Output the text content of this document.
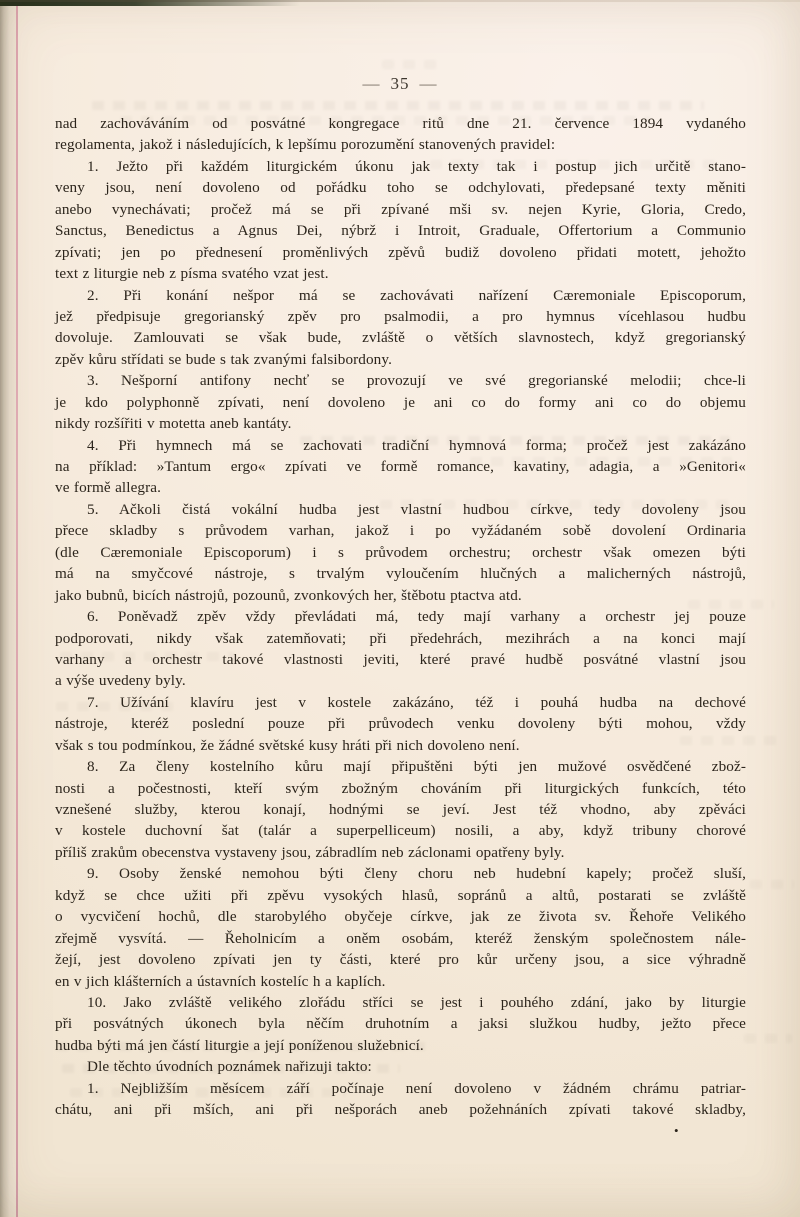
— 35 —
nad zachováváním od posvátné kongregace ritů dne 21. července 1894 vydaného
regolamenta, jakož i následujících, k lepšímu porozumění stanovených pravidel:
1. Ježto při každém liturgickém úkonu jak texty tak i postup jich určitě stano-
veny jsou, není dovoleno od pořádku toho se odchylovati, předepsané texty měniti
anebo vynechávati; pročež má se při zpívané mši sv. nejen Kyrie, Gloria, Credo,
Sanctus, Benedictus a Agnus Dei, nýbrž i Introit, Graduale, Offertorium a Communio
zpívati; jen po přednesení proměnlivých zpěvů budiž dovoleno přidati motett, jehožto
text z liturgie neb z písma svatého vzat jest.
2. Při konání nešpor má se zachovávati nařízení Cæremoniale Episcoporum,
jež předpisuje gregorianský zpěv pro psalmodii, a pro hymnus vícehlasou hudbu
dovoluje. Zamlouvati se však bude, zvláště o větších slavnostech, když gregorianský
zpěv kůru střídati se bude s tak zvanými falsibordony.
3. Nešporní antifony nechť se provozují ve své gregorianské melodii; chce-li
je kdo polyphonně zpívati, není dovoleno je ani co do formy ani co do objemu
nikdy rozšířiti v motetta aneb kantáty.
4. Při hymnech má se zachovati tradiční hymnová forma; pročež jest zakázáno
na příklad: »Tantum ergo« zpívati ve formě romance, kavatiny, adagia, a »Genitori«
ve formě allegra.
5. Ačkoli čistá vokální hudba jest vlastní hudbou církve, tedy dovoleny jsou
přece skladby s průvodem varhan, jakož i po vyžádaném sobě dovolení Ordinaria
(dle Cæremoniale Episcoporum) i s průvodem orchestru; orchestr však omezen býti
má na smyčcové nástroje, s trvalým vyloučením hlučných a malicherných nástrojů,
jako bubnů, bicích nástrojů, pozounů, zvonkových her, štěbotu ptactva atd.
6. Poněvadž zpěv vždy převládati má, tedy mají varhany a orchestr jej pouze
podporovati, nikdy však zatemňovati; při předehrách, mezihrách a na konci mají
varhany a orchestr takové vlastnosti jeviti, které pravé hudbě posvátné vlastní jsou
a výše uvedeny byly.
7. Užívání klavíru jest v kostele zakázáno, též i pouhá hudba na dechové
nástroje, kteréž poslední pouze při průvodech venku dovoleny býti mohou, vždy
však s tou podmínkou, že žádné světské kusy hráti při nich dovoleno není.
8. Za členy kostelního kůru mají připuštěni býti jen mužové osvědčené zbož-
nosti a počestnosti, kteří svým zbožným chováním při liturgických funkcích, této
vznešené služby, kterou konají, hodnými se jeví. Jest též vhodno, aby zpěváci
v kostele duchovní šat (talár a superpelliceum) nosili, a aby, když tribuny chorové
příliš zrakům obecenstva vystaveny jsou, zábradlím neb záclonami opatřeny byly.
9. Osoby ženské nemohou býti členy choru neb hudební kapely; pročež sluší,
když se chce užiti při zpěvu vysokých hlasů, sopránů a altů, postarati se zvláště
o vycvičení hochů, dle starobylého obyčeje církve, jak ze života sv. Řehoře Velikého
zřejmě vysvítá. — Řeholnicím a oněm osobám, kteréž ženským společnostem nále-
žejí, jest dovoleno zpívati jen ty části, které pro kůr určeny jsou, a sice výhradně
en v jich klášterních a ústavních kostelíc h a kaplích.
10. Jako zvláště velikého zlořádu stříci se jest i pouhého zdání, jako by liturgie
při posvátných úkonech byla něčím druhotním a jaksi služkou hudby, ježto přece
hudba býti má jen částí liturgie a její poníženou služebnicí.
Dle těchto úvodních poznámek nařizuji takto:
1. Nejbližším měsícem září počínaje není dovoleno v žádném chrámu patriar-
chátu, ani při mších, ani při nešporách aneb požehnáních zpívati takové skladby,
•
